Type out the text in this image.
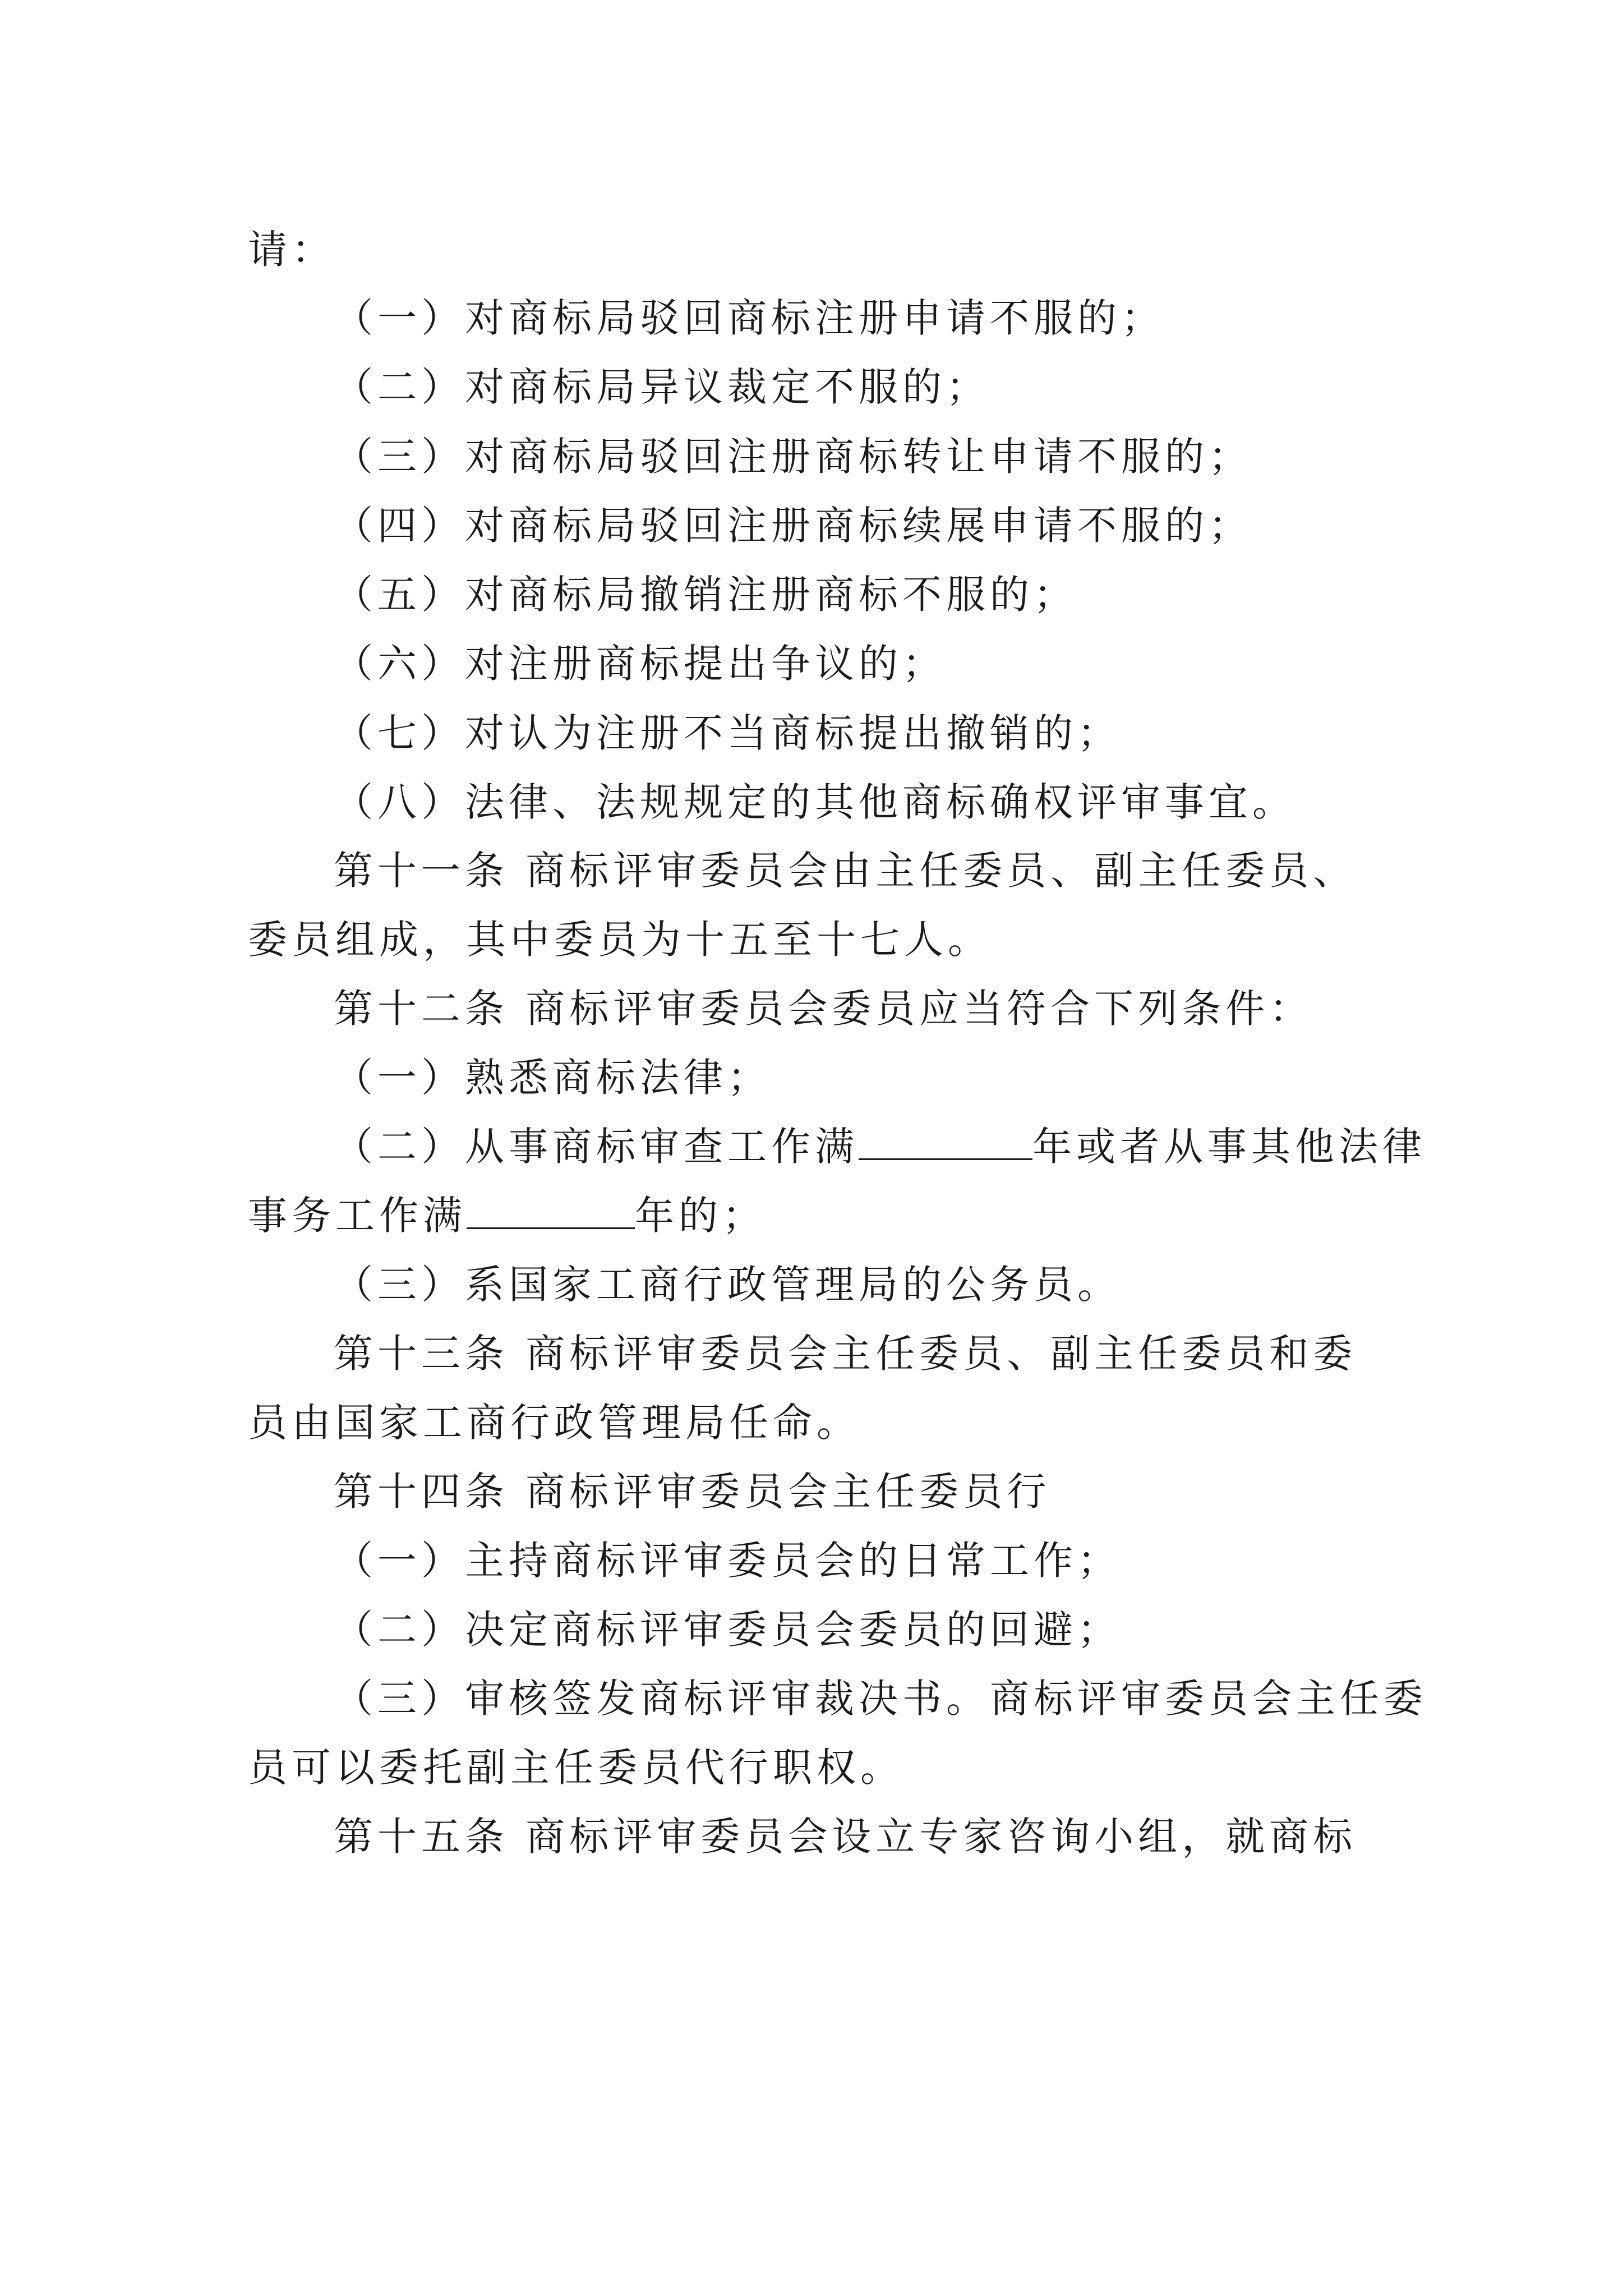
请：
（一）对商标局驳回商标注册申请不服的；
（二）对商标局异议裁定不服的；
（三）对商标局驳回注册商标转让申请不服的；
（四）对商标局驳回注册商标续展申请不服的；
（五）对商标局撤销注册商标不服的；
（六）对注册商标提出争议的；
（七）对认为注册不当商标提出撤销的；
（八）法律、法规规定的其他商标确权评审事宜。
第十一条 商标评审委员会由主任委员、副主任委员、
委员组成，其中委员为十五至十七人。
第十二条 商标评审委员会委员应当符合下列条件：
（一）熟悉商标法律；
（二）从事商标审查工作满	年或者从事其他法律
事务工作满	年的；
（三）系国家工商行政管理局的公务员。
第十三条 商标评审委员会主任委员、副主任委员和委
员由国家工商行政管理局任命。
第十四条 商标评审委员会主任委员行
（一）主持商标评审委员会的日常工作；
（二）决定商标评审委员会委员的回避；
（三）审核签发商标评审裁决书。商标评审委员会主任委
员可以委托副主任委员代行职权。
第十五条 商标评审委员会设立专家咨询小组，就商标
